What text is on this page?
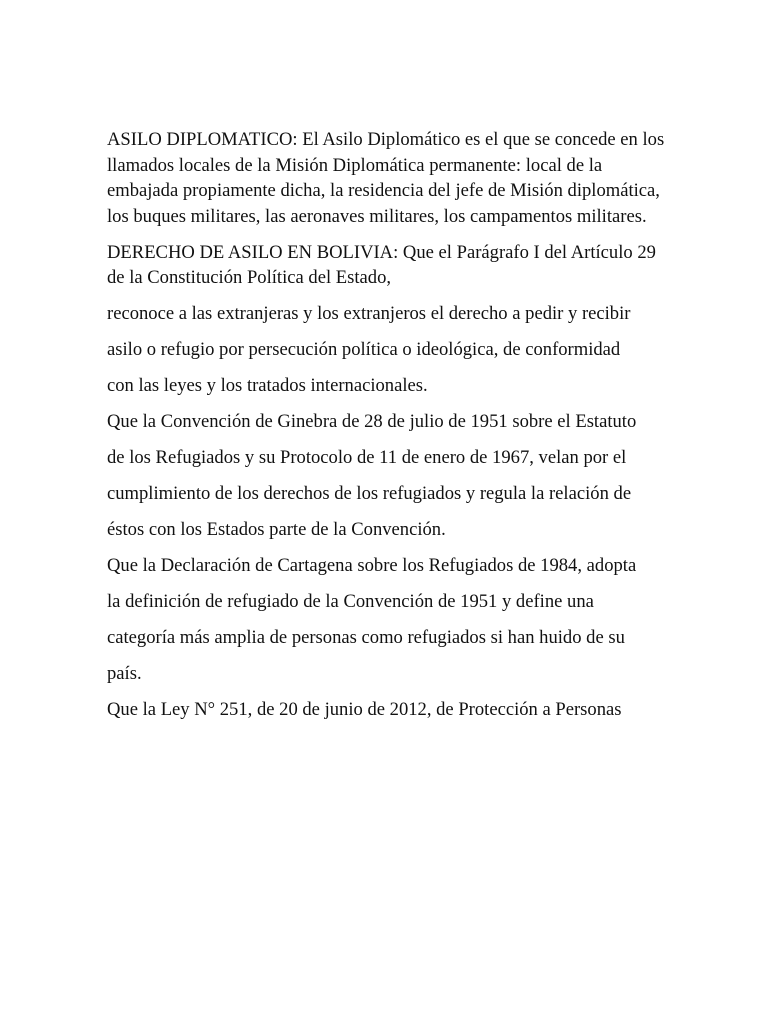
ASILO DIPLOMATICO: El Asilo Diplomático es el que se concede en los llamados locales de la Misión Diplomática permanente: local de la embajada propiamente dicha, la residencia del jefe de Misión diplomática, los buques militares, las aeronaves militares, los campamentos militares.

DERECHO DE ASILO EN BOLIVIA: Que el Parágrafo I del Artículo 29 de la Constitución Política del Estado,

reconoce a las extranjeras y los extranjeros el derecho a pedir y recibir

asilo o refugio por persecución política o ideológica, de conformidad

con las leyes y los tratados internacionales.

Que la Convención de Ginebra de 28 de julio de 1951 sobre el Estatuto

de los Refugiados y su Protocolo de 11 de enero de 1967, velan por el

cumplimiento de los derechos de los refugiados y regula la relación de

éstos con los Estados parte de la Convención.

Que la Declaración de Cartagena sobre los Refugiados de 1984, adopta

la definición de refugiado de la Convención de 1951 y define una

categoría más amplia de personas como refugiados si han huido de su

país.

Que la Ley N° 251, de 20 de junio de 2012, de Protección a Personas
